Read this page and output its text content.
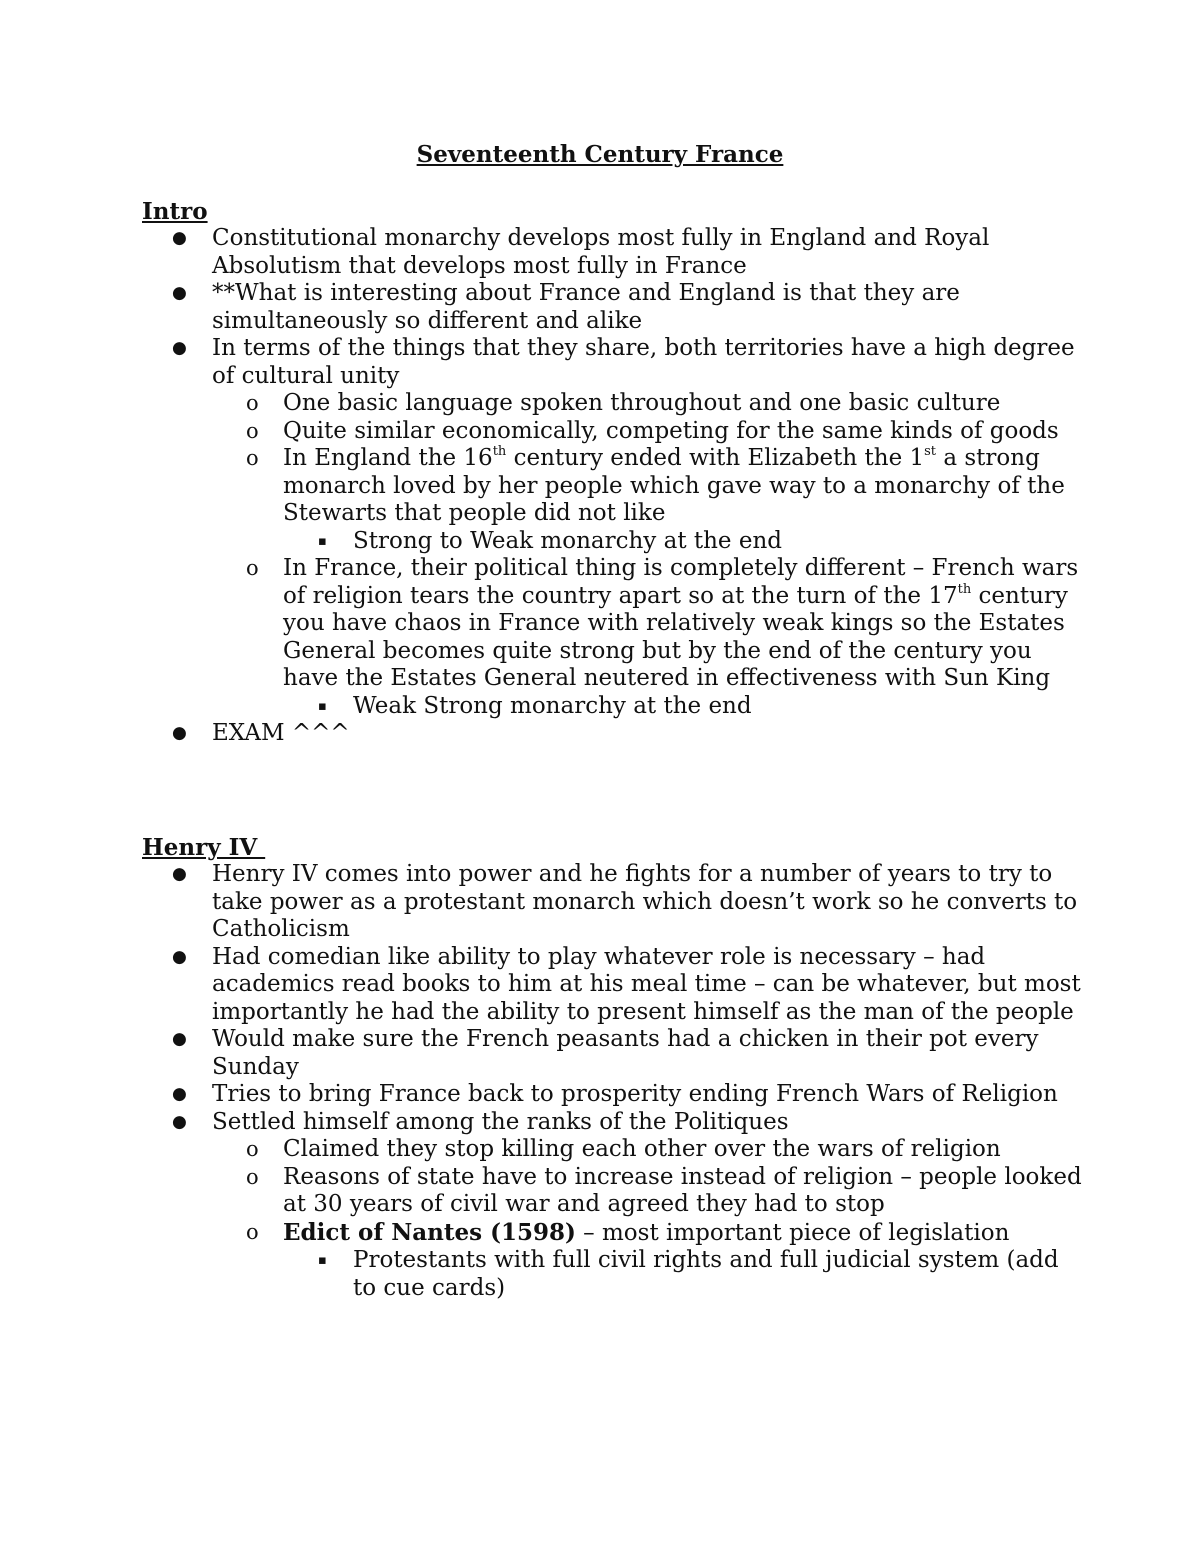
Seventeenth Century France
Intro
● Constitutional monarchy develops most fully in England and Royal Absolutism that develops most fully in France
● **What is interesting about France and England is that they are simultaneously so different and alike
● In terms of the things that they share, both territories have a high degree of cultural unity
o One basic language spoken throughout and one basic culture
o Quite similar economically, competing for the same kinds of goods
o In England the 16th century ended with Elizabeth the 1st a strong monarch loved by her people which gave way to a monarchy of the Stewarts that people did not like
▪ Strong to Weak monarchy at the end
o In France, their political thing is completely different – French wars of religion tears the country apart so at the turn of the 17th century you have chaos in France with relatively weak kings so the Estates General becomes quite strong but by the end of the century you have the Estates General neutered in effectiveness with Sun King
▪ Weak Strong monarchy at the end
● EXAM ^^^
Henry IV
● Henry IV comes into power and he fights for a number of years to try to take power as a protestant monarch which doesn’t work so he converts to Catholicism
● Had comedian like ability to play whatever role is necessary – had academics read books to him at his meal time – can be whatever, but most importantly he had the ability to present himself as the man of the people
● Would make sure the French peasants had a chicken in their pot every Sunday
● Tries to bring France back to prosperity ending French Wars of Religion
● Settled himself among the ranks of the Politiques
o Claimed they stop killing each other over the wars of religion
o Reasons of state have to increase instead of religion – people looked at 30 years of civil war and agreed they had to stop
o Edict of Nantes (1598) – most important piece of legislation
▪ Protestants with full civil rights and full judicial system (add to cue cards)
